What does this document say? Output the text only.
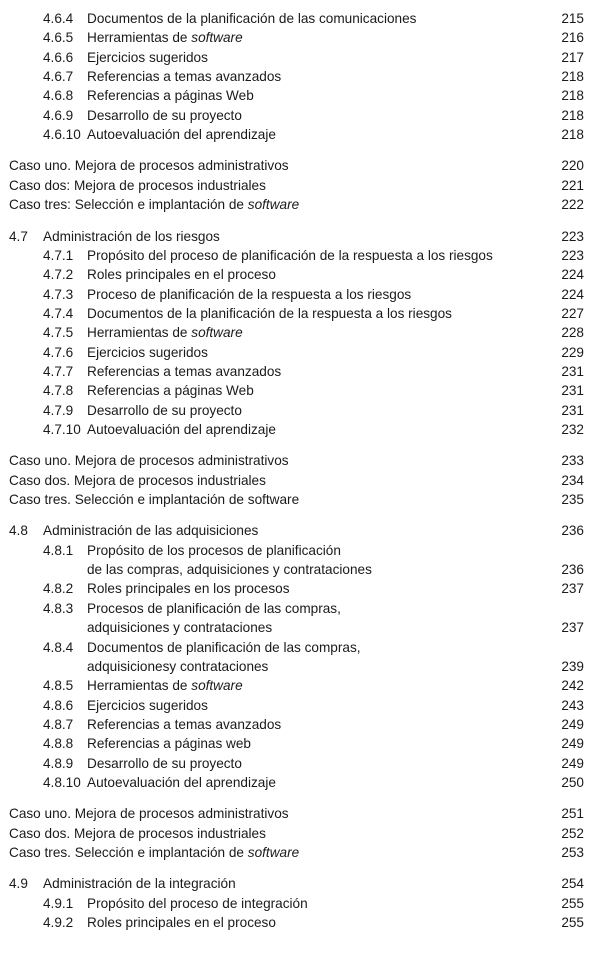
4.6.4 Documentos de la planificación de las comunicaciones	215
4.6.5 Herramientas de software	216
4.6.6 Ejercicios sugeridos	217
4.6.7 Referencias a temas avanzados	218
4.6.8 Referencias a páginas Web	218
4.6.9 Desarrollo de su proyecto	218
4.6.10 Autoevaluación del aprendizaje	218
Caso uno. Mejora de procesos administrativos	220
Caso dos: Mejora de procesos industriales	221
Caso tres: Selección e implantación de software	222
4.7 Administración de los riesgos	223
4.7.1 Propósito del proceso de planificación de la respuesta a los riesgos	223
4.7.2 Roles principales en el proceso	224
4.7.3 Proceso de planificación de la respuesta a los riesgos	224
4.7.4 Documentos de la planificación de la respuesta a los riesgos	227
4.7.5 Herramientas de software	228
4.7.6 Ejercicios sugeridos	229
4.7.7 Referencias a temas avanzados	231
4.7.8 Referencias a páginas Web	231
4.7.9 Desarrollo de su proyecto	231
4.7.10 Autoevaluación del aprendizaje	232
Caso uno. Mejora de procesos administrativos	233
Caso dos. Mejora de procesos industriales	234
Caso tres. Selección e implantación de software	235
4.8 Administración de las adquisiciones	236
4.8.1 Propósito de los procesos de planificación
de las compras, adquisiciones y contrataciones	236
4.8.2 Roles principales en los procesos	237
4.8.3 Procesos de planificación de las compras,
adquisiciones y contrataciones	237
4.8.4 Documentos de planificación de las compras,
adquisicionesy contrataciones	239
4.8.5 Herramientas de software	242
4.8.6 Ejercicios sugeridos	243
4.8.7 Referencias a temas avanzados	249
4.8.8 Referencias a páginas web	249
4.8.9 Desarrollo de su proyecto	249
4.8.10 Autoevaluación del aprendizaje	250
Caso uno. Mejora de procesos administrativos	251
Caso dos. Mejora de procesos industriales	252
Caso tres. Selección e implantación de software	253
4.9 Administración de la integración	254
4.9.1 Propósito del proceso de integración	255
4.9.2 Roles principales en el proceso	255
